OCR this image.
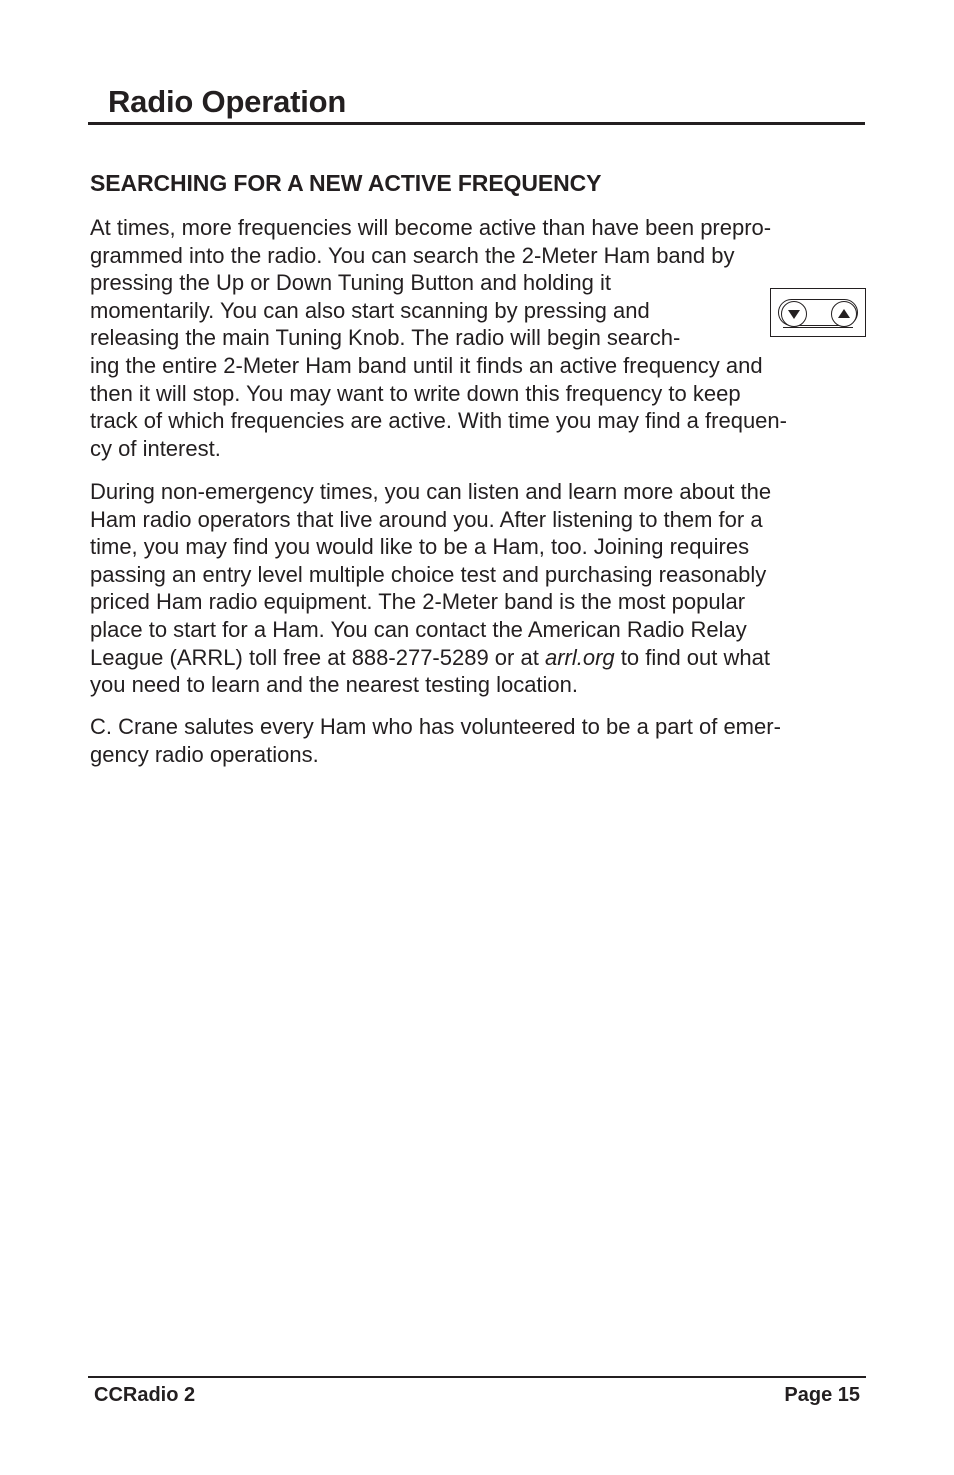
Radio Operation
SEARCHING FOR A NEW ACTIVE FREQUENCY
At times, more frequencies will become active than have been prepro-
grammed into the radio. You can search the 2-Meter Ham band by
pressing the Up or Down Tuning Button and holding it
momentarily. You can also start scanning by pressing and
releasing the main Tuning Knob. The radio will begin search-
ing the entire 2-Meter Ham band until it finds an active frequency and
then it will stop. You may want to write down this frequency to keep
track of which frequencies are active. With time you may find a frequen-
cy of interest.
During non-emergency times, you can listen and learn more about the
Ham radio operators that live around you. After listening to them for a
time, you may find you would like to be a Ham, too. Joining requires
passing an entry level multiple choice test and purchasing reasonably
priced Ham radio equipment. The 2-Meter band is the most popular
place to start for a Ham. You can contact the American Radio Relay
League (ARRL) toll free at 888-277-5289 or at arrl.org to find out what
you need to learn and the nearest testing location.
C. Crane salutes every Ham who has volunteered to be a part of emer-
gency radio operations.
CCRadio 2	Page 15
